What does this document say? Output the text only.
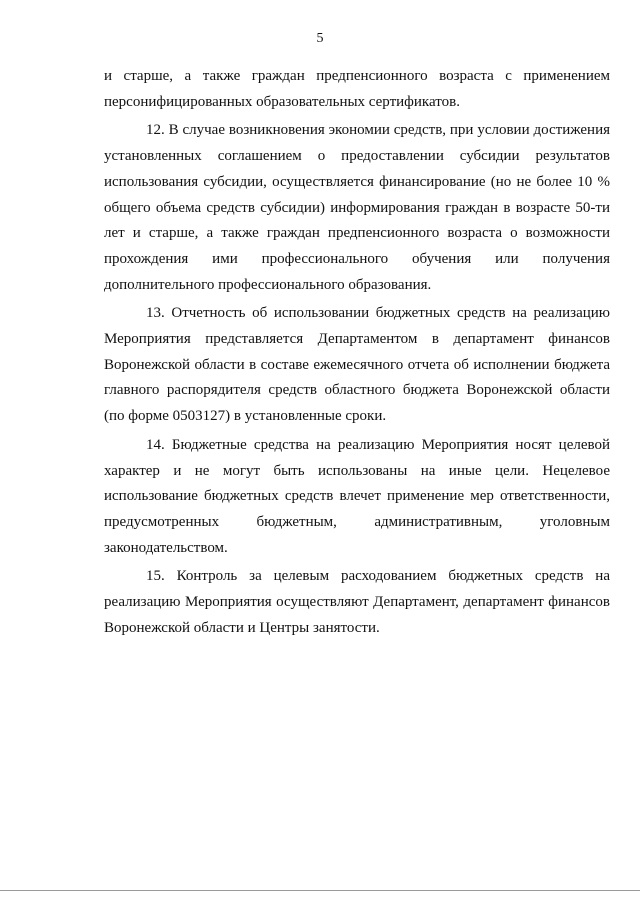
5

и старше, а также граждан предпенсионного возраста с применением персонифицированных образовательных сертификатов.

12. В случае возникновения экономии средств, при условии достижения установленных соглашением о предоставлении субсидии результатов использования субсидии, осуществляется финансирование (но не более 10 % общего объема средств субсидии) информирования граждан в возрасте 50-ти лет и старше, а также граждан предпенсионного возраста о возможности прохождения ими профессионального обучения или получения дополнительного профессионального образования.

13. Отчетность об использовании бюджетных средств на реализацию Мероприятия представляется Департаментом в департамент финансов Воронежской области в составе ежемесячного отчета об исполнении бюджета главного распорядителя средств областного бюджета Воронежской области (по форме 0503127) в установленные сроки.

14. Бюджетные средства на реализацию Мероприятия носят целевой характер и не могут быть использованы на иные цели. Нецелевое использование бюджетных средств влечет применение мер ответственности, предусмотренных бюджетным, административным, уголовным законодательством.

15. Контроль за целевым расходованием бюджетных средств на реализацию Мероприятия осуществляют Департамент, департамент финансов Воронежской области и Центры занятости.
